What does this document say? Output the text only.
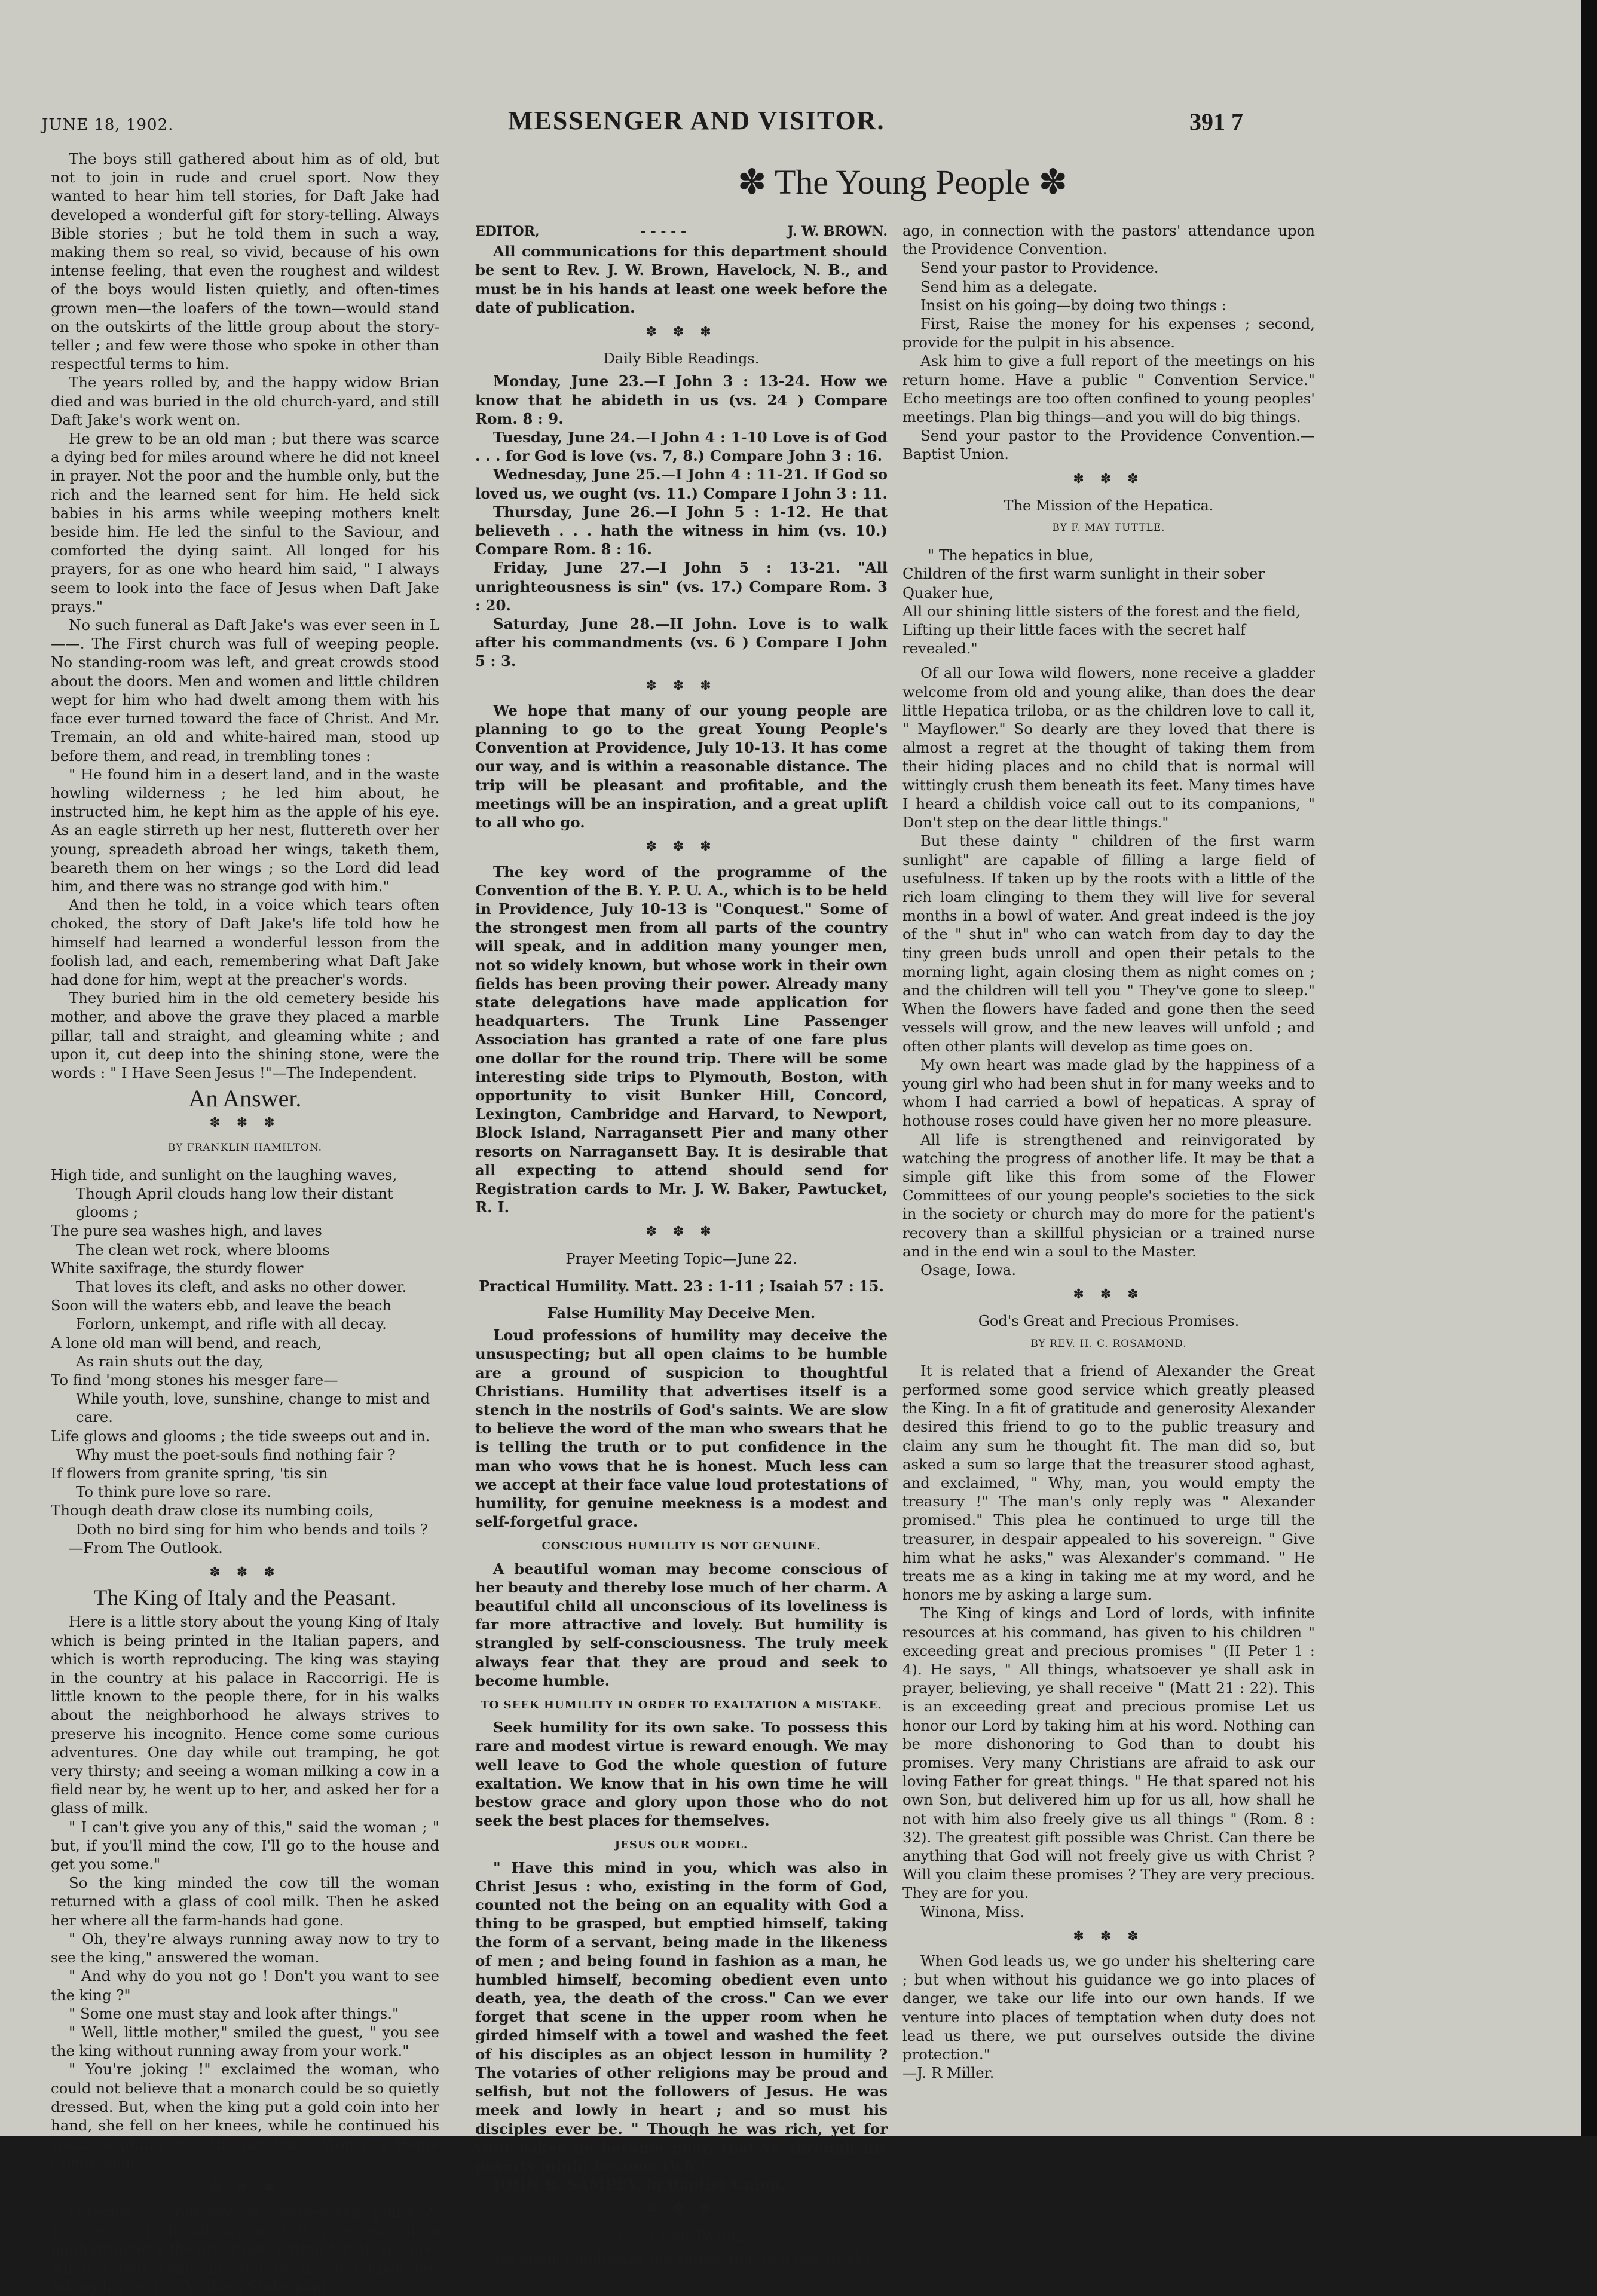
JUNE 18, 1902.	MESSENGER AND VISITOR.	391 7

The boys still gathered about him as of old, but not to join in rude and cruel sport. Now they wanted to hear him tell stories, for Daft Jake had developed a wonderful gift for story-telling. Always Bible stories ; but he told them in such a way, making them so real, so vivid, because of his own intense feeling, that even the roughest and wildest of the boys would listen quietly, and often-times grown men—the loafers of the town—would stand on the outskirts of the little group about the story-teller ; and few were those who spoke in other than respectful terms to him.

The years rolled by, and the happy widow Brian died and was buried in the old church-yard, and still Daft Jake's work went on.

He grew to be an old man ; but there was scarce a dying bed for miles around where he did not kneel in prayer. Not the poor and the humble only, but the rich and the learned sent for him. He held sick babies in his arms while weeping mothers knelt beside him. He led the sinful to the Saviour, and comforted the dying saint. All longed for his prayers, for as one who heard him said, " I always seem to look into the face of Jesus when Daft Jake prays."

No such funeral as Daft Jake's was ever seen in L——. The First church was full of weeping people. No standing-room was left, and great crowds stood about the doors. Men and women and little children wept for him who had dwelt among them with his face ever turned toward the face of Christ. And Mr. Tremain, an old and white-haired man, stood up before them, and read, in trembling tones :

" He found him in a desert land, and in the waste howling wilderness ; he led him about, he instructed him, he kept him as the apple of his eye. As an eagle stirreth up her nest, fluttereth over her young, spreadeth abroad her wings, taketh them, beareth them on her wings ; so the Lord did lead him, and there was no strange god with him."

And then he told, in a voice which tears often choked, the story of Daft Jake's life told how he himself had learned a wonderful lesson from the foolish lad, and each, remembering what Daft Jake had done for him, wept at the preacher's words.

They buried him in the old cemetery beside his mother, and above the grave they placed a marble pillar, tall and straight, and gleaming white ; and upon it, cut deep into the shining stone, were the words : " I Have Seen Jesus !"—The Independent.

An Answer.
✽ ✽ ✽
BY FRANKLIN HAMILTON.
High tide, and sunlight on the laughing waves,
Though April clouds hang low their distant glooms ;
The pure sea washes high, and laves
The clean wet rock, where blooms
White saxifrage, the sturdy flower
That loves its cleft, and asks no other dower.
Soon will the waters ebb, and leave the beach
Forlorn, unkempt, and rifle with all decay.
A lone old man will bend, and reach,
As rain shuts out the day,
To find 'mong stones his mesger fare—
While youth, love, sunshine, change to mist and care.
Life glows and glooms ; the tide sweeps out and in.
Why must the poet-souls find nothing fair ?
If flowers from granite spring, 'tis sin
To think pure love so rare.
Though death draw close its numbing coils,
Doth no bird sing for him who bends and toils ?

—From The Outlook.

✽ ✽ ✽
The King of Italy and the Peasant.

Here is a little story about the young King of Italy which is being printed in the Italian papers, and which is worth reproducing. The king was staying in the country at his palace in Raccorrigi. He is little known to the people there, for in his walks about the neighborhood he always strives to preserve his incognito. Hence come some curious adventures. One day while out tramping, he got very thirsty; and seeing a woman milking a cow in a field near by, he went up to her, and asked her for a glass of milk.

" I can't give you any of this," said the woman ; " but, if you'll mind the cow, I'll go to the house and get you some."

So the king minded the cow till the woman returned with a glass of cool milk. Then he asked her where all the farm-hands had gone.

" Oh, they're always running away now to try to see the king," answered the woman.

" And why do you not go ! Don't you want to see the king ?"

" Some one must stay and look after things."

" Well, little mother," smiled the guest, " you see the king without running away from your work."

" You're joking !" exclaimed the woman, who could not believe that a monarch could be so quietly dressed. But, when the king put a gold coin into her hand, she fell on her knees, while he continued his walk, laughing over the incident.—Woman's Home Companion.

✽ ✽ ✽

Patience : " You say he's excessively polite ?" Patrice : " I should say so ! Why he was in a photographer's the other day, sitting for his picture, when a lady came in, and he insisted upon her taking his seat."—Yonkers Statesman.

✽ The Young People ✽
EDITOR,	- - - - -	J. W. BROWN.

All communications for this department should be sent to Rev. J. W. Brown, Havelock, N. B., and must be in his hands at least one week before the date of publication.

✽ ✽ ✽
Daily Bible Readings.

Monday, June 23.—I John 3 : 13-24. How we know that he abideth in us (vs. 24 ) Compare Rom. 8 : 9.

Tuesday, June 24.—I John 4 : 1-10 Love is of God . . . for God is love (vs. 7, 8.) Compare John 3 : 16.

Wednesday, June 25.—I John 4 : 11-21. If God so loved us, we ought (vs. 11.) Compare I John 3 : 11.

Thursday, June 26.—I John 5 : 1-12. He that believeth . . . hath the witness in him (vs. 10.) Compare Rom. 8 : 16.

Friday, June 27.—I John 5 : 13-21. "All unrighteousness is sin" (vs. 17.) Compare Rom. 3 : 20.

Saturday, June 28.—II John. Love is to walk after his commandments (vs. 6 ) Compare I John 5 : 3.

✽ ✽ ✽

We hope that many of our young people are planning to go to the great Young People's Convention at Providence, July 10-13. It has come our way, and is within a reasonable distance. The trip will be pleasant and profitable, and the meetings will be an inspiration, and a great uplift to all who go.

✽ ✽ ✽

The key word of the programme of the Convention of the B. Y. P. U. A., which is to be held in Providence, July 10-13 is "Conquest." Some of the strongest men from all parts of the country will speak, and in addition many younger men, not so widely known, but whose work in their own fields has been proving their power. Already many state delegations have made application for headquarters. The Trunk Line Passenger Association has granted a rate of one fare plus one dollar for the round trip. There will be some interesting side trips to Plymouth, Boston, with opportunity to visit Bunker Hill, Concord, Lexington, Cambridge and Harvard, to Newport, Block Island, Narragansett Pier and many other resorts on Narragansett Bay. It is desirable that all expecting to attend should send for Registration cards to Mr. J. W. Baker, Pawtucket, R. I.

✽ ✽ ✽
Prayer Meeting Topic—June 22.
Practical Humility. Matt. 23 : 1-11 ; Isaiah 57 : 15.
False Humility May Deceive Men.

Loud professions of humility may deceive the unsuspecting; but all open claims to be humble are a ground of suspicion to thoughtful Christians. Humility that advertises itself is a stench in the nostrils of God's saints. We are slow to believe the word of the man who swears that he is telling the truth or to put confidence in the man who vows that he is honest. Much less can we accept at their face value loud protestations of humility, for genuine meekness is a modest and self-forgetful grace.

CONSCIOUS HUMILITY IS NOT GENUINE.

A beautiful woman may become conscious of her beauty and thereby lose much of her charm. A beautiful child all unconscious of its loveliness is far more attractive and lovely. But humility is strangled by self-consciousness. The truly meek always fear that they are proud and seek to become humble.

TO SEEK HUMILITY IN ORDER TO EXALTATION A MISTAKE.

Seek humility for its own sake. To possess this rare and modest virtue is reward enough. We may well leave to God the whole question of future exaltation. We know that in his own time he will bestow grace and glory upon those who do not seek the best places for themselves.

JESUS OUR MODEL.

" Have this mind in you, which was also in Christ Jesus : who, existing in the form of God, counted not the being on an equality with God a thing to be grasped, but emptied himself, taking the form of a servant, being made in the likeness of men ; and being found in fashion as a man, he humbled himself, becoming obedient even unto death, yea, the death of the cross." Can we ever forget that scene in the upper room when he girded himself with a towel and washed the feet of his disciples as an object lesson in humility ? The votaries of other religions may be proud and selfish, but not the followers of Jesus. He was meek and lowly in heart ; and so must his disciples ever be. " Though he was rich, yet for your sakes he became poor, that ye through his poverty might become rich."

JOHN R. SAMPEY, in Baptist Union.

✽ ✽ ✽
Send Your Pastor.

We again emphasize the suggestion of a few weeks

ago, in connection with the pastors' attendance upon the Providence Convention.

Send your pastor to Providence.

Send him as a delegate.

Insist on his going—by doing two things :

First, Raise the money for his expenses ; second, provide for the pulpit in his absence.

Ask him to give a full report of the meetings on his return home. Have a public " Convention Service." Echo meetings are too often confined to young peoples' meetings. Plan big things—and you will do big things.

Send your pastor to the Providence Convention.—Baptist Union.

✽ ✽ ✽
The Mission of the Hepatica.
BY F. MAY TUTTLE.
" The hepatics in blue,
Children of the first warm sunlight in their sober Quaker hue,
All our shining little sisters of the forest and the field,
Lifting up their little faces with the secret half revealed."

Of all our Iowa wild flowers, none receive a gladder welcome from old and young alike, than does the dear little Hepatica triloba, or as the children love to call it, " Mayflower." So dearly are they loved that there is almost a regret at the thought of taking them from their hiding places and no child that is normal will wittingly crush them beneath its feet. Many times have I heard a childish voice call out to its companions, " Don't step on the dear little things."

But these dainty " children of the first warm sunlight" are capable of filling a large field of usefulness. If taken up by the roots with a little of the rich loam clinging to them they will live for several months in a bowl of water. And great indeed is the joy of the " shut in" who can watch from day to day the tiny green buds unroll and open their petals to the morning light, again closing them as night comes on ; and the children will tell you " They've gone to sleep." When the flowers have faded and gone then the seed vessels will grow, and the new leaves will unfold ; and often other plants will develop as time goes on.

My own heart was made glad by the happiness of a young girl who had been shut in for many weeks and to whom I had carried a bowl of hepaticas. A spray of hothouse roses could have given her no more pleasure.

All life is strengthened and reinvigorated by watching the progress of another life. It may be that a simple gift like this from some of the Flower Committees of our young people's societies to the sick in the society or church may do more for the patient's recovery than a skillful physician or a trained nurse and in the end win a soul to the Master.

Osage, Iowa.

✽ ✽ ✽
God's Great and Precious Promises.
BY REV. H. C. ROSAMOND.

It is related that a friend of Alexander the Great performed some good service which greatly pleased the King. In a fit of gratitude and generosity Alexander desired this friend to go to the public treasury and claim any sum he thought fit. The man did so, but asked a sum so large that the treasurer stood aghast, and exclaimed, " Why, man, you would empty the treasury !" The man's only reply was " Alexander promised." This plea he continued to urge till the treasurer, in despair appealed to his sovereign. " Give him what he asks," was Alexander's command. " He treats me as a king in taking me at my word, and he honors me by asking a large sum.

The King of kings and Lord of lords, with infinite resources at his command, has given to his children " exceeding great and precious promises " (II Peter 1 : 4). He says, " All things, whatsoever ye shall ask in prayer, believing, ye shall receive " (Matt 21 : 22). This is an exceeding great and precious promise Let us honor our Lord by taking him at his word. Nothing can be more dishonoring to God than to doubt his promises. Very many Christians are afraid to ask our loving Father for great things. " He that spared not his own Son, but delivered him up for us all, how shall he not with him also freely give us all things " (Rom. 8 : 32). The greatest gift possible was Christ. Can there be anything that God will not freely give us with Christ ? Will you claim these promises ? They are very precious. They are for you.

Winona, Miss.

✽ ✽ ✽

When God leads us, we go under his sheltering care ; but when without his guidance we go into places of danger, we take our life into our own hands. If we venture into places of temptation when duty does not lead us there, we put ourselves outside the divine protection."

—J. R Miller.
